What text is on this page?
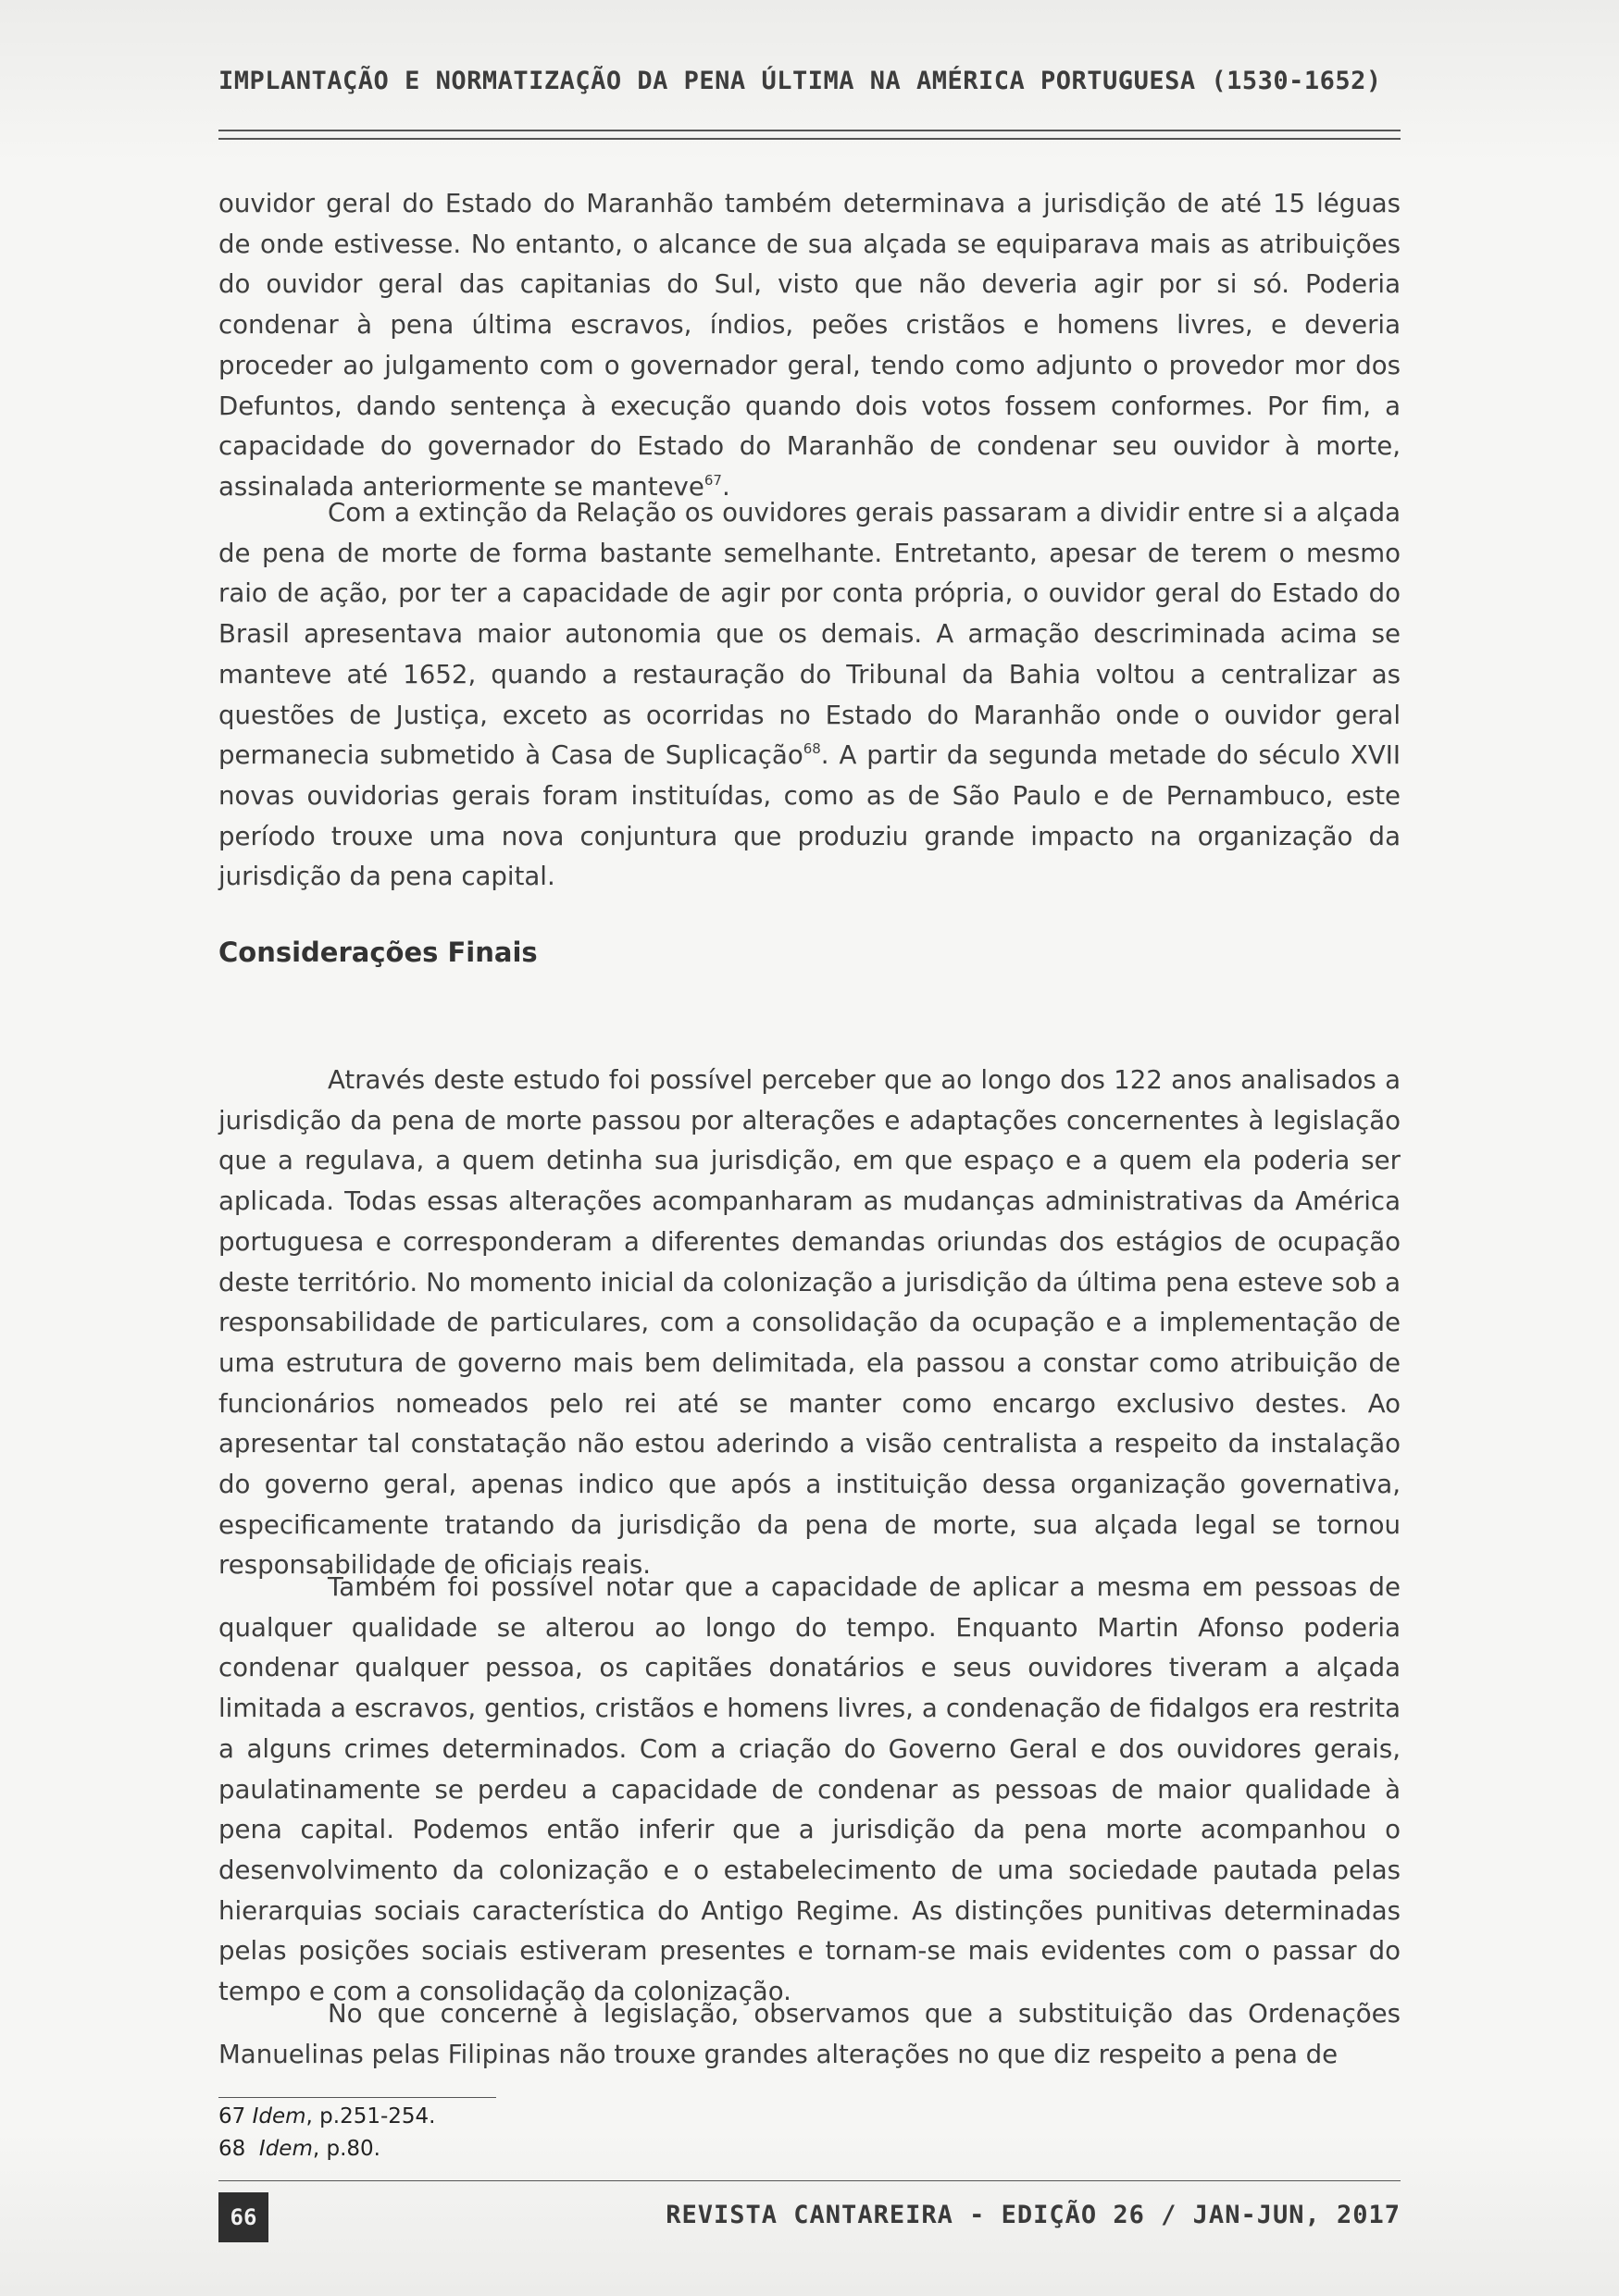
IMPLANTAÇÃO E NORMATIZAÇÃO DA PENA ÚLTIMA NA AMÉRICA PORTUGUESA (1530-1652)

ouvidor geral do Estado do Maranhão também determinava a jurisdição de até 15 léguas de onde estivesse. No entanto, o alcance de sua alçada se equiparava mais as atribuições do ouvidor geral das capitanias do Sul, visto que não deveria agir por si só. Poderia condenar à pena última escravos, índios, peões cristãos e homens livres, e deveria proceder ao julgamento com o governador geral, tendo como adjunto o provedor mor dos Defuntos, dando sentença à execução quando dois votos fossem conformes. Por fim, a capacidade do governador do Estado do Maranhão de condenar seu ouvidor à morte, assinalada anteriormente se manteve$^{67}$.

Com a extinção da Relação os ouvidores gerais passaram a dividir entre si a alçada de pena de morte de forma bastante semelhante. Entretanto, apesar de terem o mesmo raio de ação, por ter a capacidade de agir por conta própria, o ouvidor geral do Estado do Brasil apresentava maior autonomia que os demais. A armação descriminada acima se manteve até 1652, quando a restauração do Tribunal da Bahia voltou a centralizar as questões de Justiça, exceto as ocorridas no Estado do Maranhão onde o ouvidor geral permanecia submetido à Casa de Suplicação$^{68}$. A partir da segunda metade do século XVII novas ouvidorias gerais foram instituídas, como as de São Paulo e de Pernambuco, este período trouxe uma nova conjuntura que produziu grande impacto na organização da jurisdição da pena capital.

Considerações Finais

Através deste estudo foi possível perceber que ao longo dos 122 anos analisados a jurisdição da pena de morte passou por alterações e adaptações concernentes à legislação que a regulava, a quem detinha sua jurisdição, em que espaço e a quem ela poderia ser aplicada. Todas essas alterações acompanharam as mudanças administrativas da América portuguesa e corresponderam a diferentes demandas oriundas dos estágios de ocupação deste território. No momento inicial da colonização a jurisdição da última pena esteve sob a responsabilidade de particulares, com a consolidação da ocupação e a implementação de uma estrutura de governo mais bem delimitada, ela passou a constar como atribuição de funcionários nomeados pelo rei até se manter como encargo exclusivo destes. Ao apresentar tal constatação não estou aderindo a visão centralista a respeito da instalação do governo geral, apenas indico que após a instituição dessa organização governativa, especificamente tratando da jurisdição da pena de morte, sua alçada legal se tornou responsabilidade de oficiais reais.

Também foi possível notar que a capacidade de aplicar a mesma em pessoas de qualquer qualidade se alterou ao longo do tempo. Enquanto Martin Afonso poderia condenar qualquer pessoa, os capitães donatários e seus ouvidores tiveram a alçada limitada a escravos, gentios, cristãos e homens livres, a condenação de fidalgos era restrita a alguns crimes determinados. Com a criação do Governo Geral e dos ouvidores gerais, paulatinamente se perdeu a capacidade de condenar as pessoas de maior qualidade à pena capital. Podemos então inferir que a jurisdição da pena morte acompanhou o desenvolvimento da colonização e o estabelecimento de uma sociedade pautada pelas hierarquias sociais característica do Antigo Regime. As distinções punitivas determinadas pelas posições sociais estiveram presentes e tornam-se mais evidentes com o passar do tempo e com a consolidação da colonização.

No que concerne à legislação, observamos que a substituição das Ordenações Manuelinas pelas Filipinas não trouxe grandes alterações no que diz respeito a pena de

67 Idem, p.251-254.
68 Idem, p.80.
66	REVISTA CANTAREIRA - EDIÇÃO 26 / JAN-JUN, 2017
